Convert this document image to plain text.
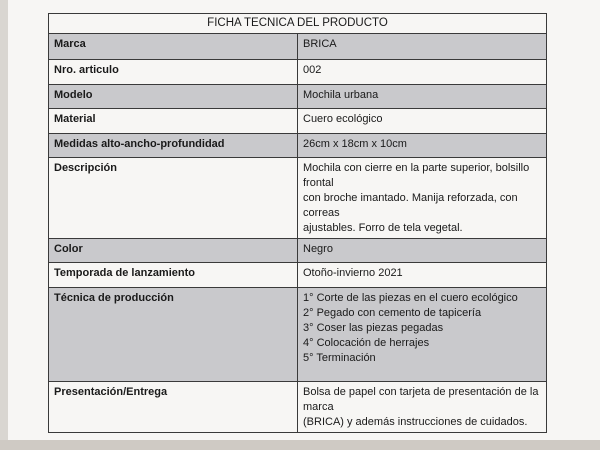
FICHA TECNICA DEL PRODUCTO	
Marca	BRICA
Nro. articulo	002
Modelo	Mochila urbana
Material	Cuero ecológico
Medidas alto-ancho-profundidad	26cm x 18cm x 10cm
Descripción	Mochila con cierre en la parte superior, bolsillo frontal
con broche imantado. Manija reforzada, con correas
ajustables. Forro de tela vegetal.

Color	Negro
Temporada de lanzamiento	Otoño-invierno 2021
Técnica de producción	1° Corte de las piezas en el cuero ecológico
2° Pegado con cemento de tapicería
3° Coser las piezas pegadas
4° Colocación de herrajes
5° Terminación

Presentación/Entrega	Bolsa de papel con tarjeta de presentación de la marca
(BRICA) y además instrucciones de cuidados.
